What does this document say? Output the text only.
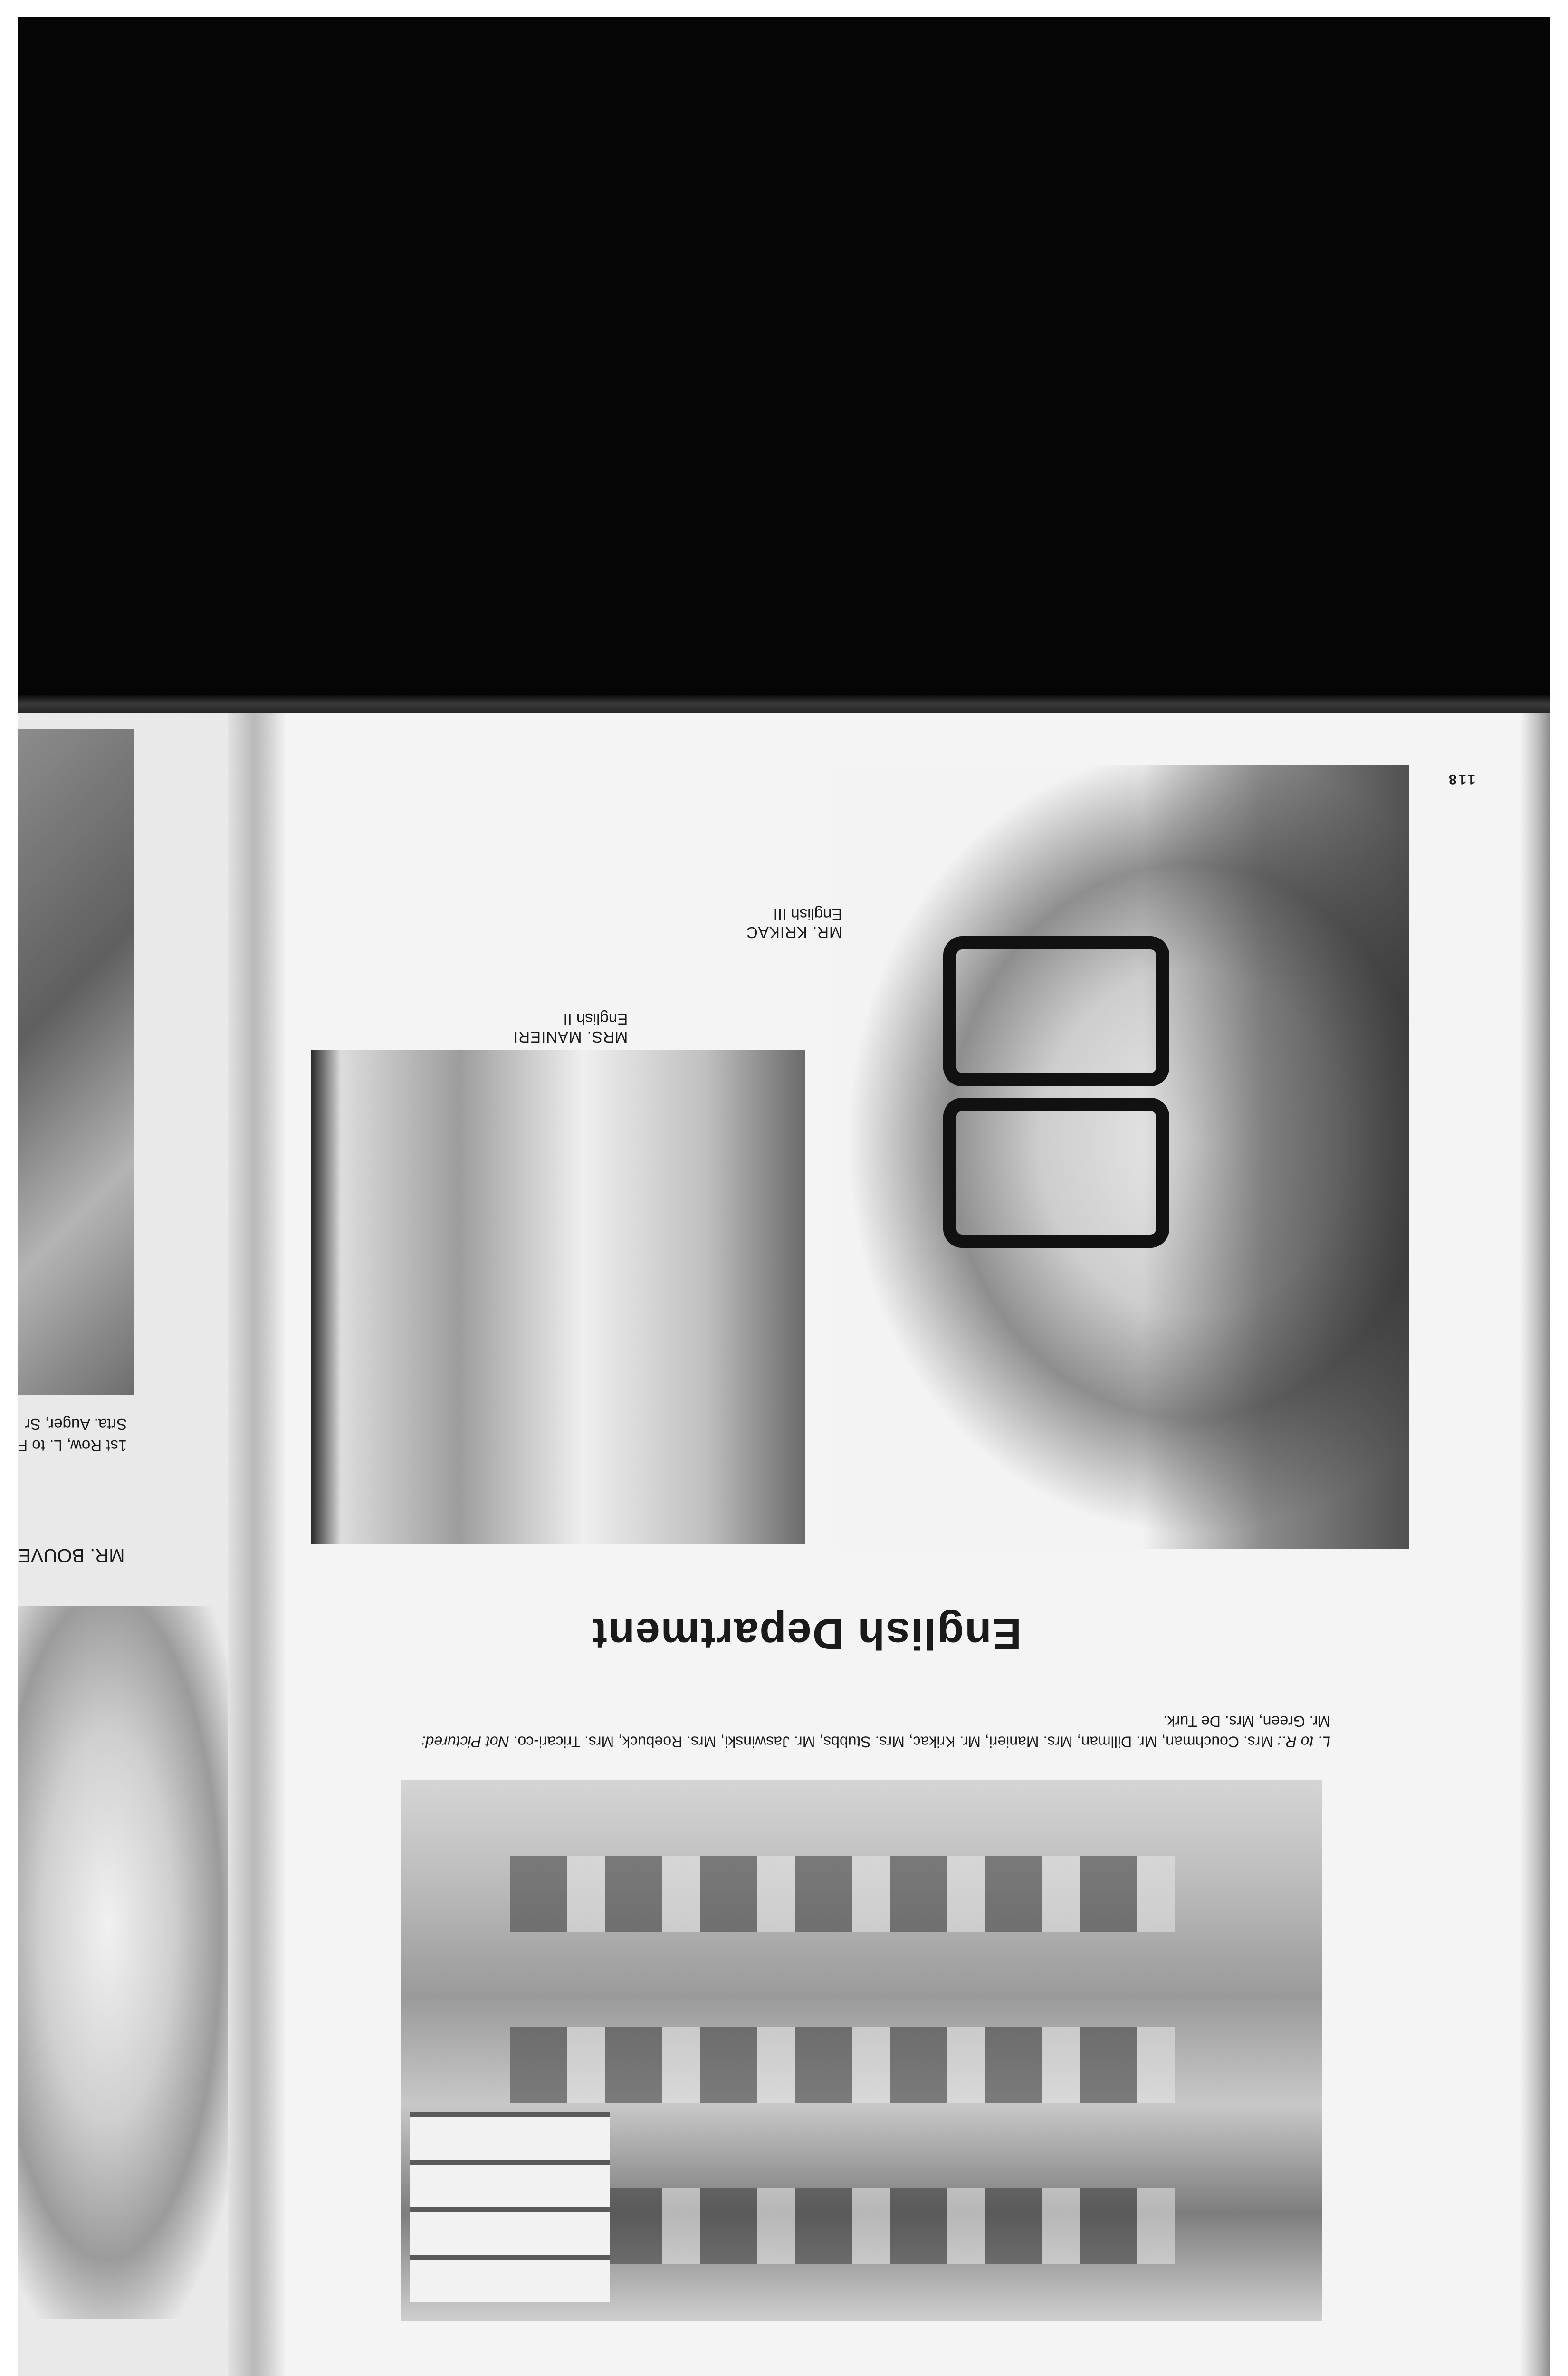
118
MR. KRIKAC
English III
MRS. MANIERI
English II
English Department
L. to R.: Mrs. Couchman, Mr. Dillman, Mrs. Manieri, Mr. Krikac, Mrs. Stubbs, Mr. Jaswinski, Mrs. Roebuck, Mrs. Tricari-co. Not Pictured: Mr. Green, Mrs. De Turk.
MR. BOUVE
1st Row, L. to F
Srta. Auger, Sr
